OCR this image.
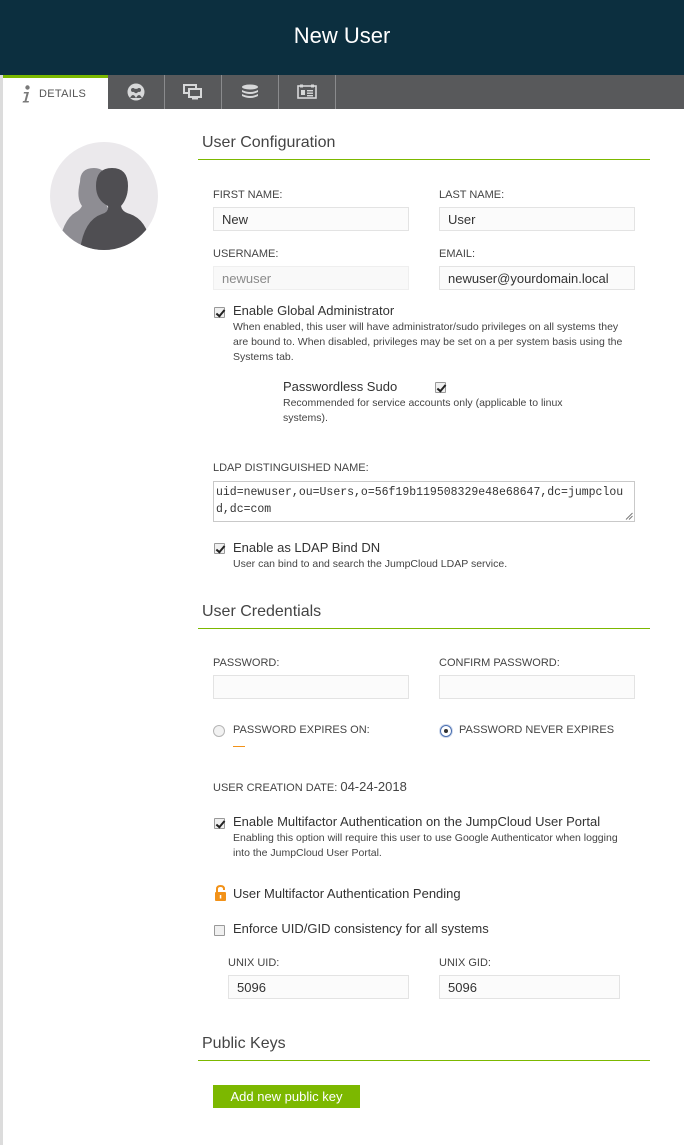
New User
DETAILS
User Configuration
FIRST NAME:
New
LAST NAME:
User
USERNAME:
newuser
EMAIL:
newuser@yourdomain.local
Enable Global Administrator
When enabled, this user will have administrator/sudo privileges on all systems they are bound to. When disabled, privileges may be set on a per system basis using the Systems tab.
Passwordless Sudo
Recommended for service accounts only (applicable to linux systems).
LDAP DISTINGUISHED NAME:
uid=newuser,ou=Users,o=56f19b119508329e48e68647,dc=jumpcloud,dc=com
Enable as LDAP Bind DN
User can bind to and search the JumpCloud LDAP service.
User Credentials
PASSWORD:	CONFIRM PASSWORD:
PASSWORD EXPIRES ON:	PASSWORD NEVER EXPIRES
USER CREATION DATE: 04-24-2018
Enable Multifactor Authentication on the JumpCloud User Portal
Enabling this option will require this user to use Google Authenticator when logging into the JumpCloud User Portal.
User Multifactor Authentication Pending
Enforce UID/GID consistency for all systems
UNIX UID:
5096
UNIX GID:
5096
Public Keys
Add new public key
